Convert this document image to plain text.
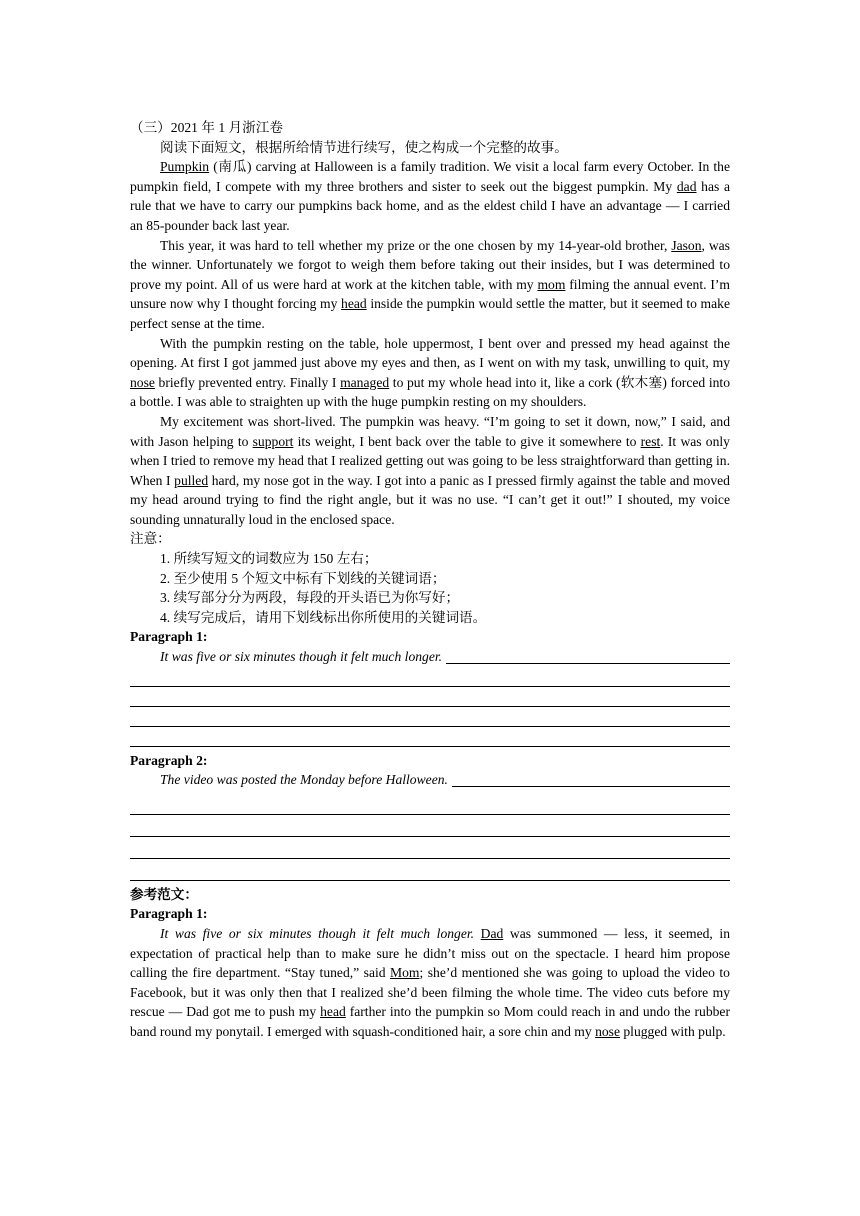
（三）2021 年 1 月浙江卷

阅读下面短文，根据所给情节进行续写，使之构成一个完整的故事。

Pumpkin (南瓜) carving at Halloween is a family tradition. We visit a local farm every October. In the pumpkin field, I compete with my three brothers and sister to seek out the biggest pumpkin. My dad has a rule that we have to carry our pumpkins back home, and as the eldest child I have an advantage — I carried an 85-pounder back last year.

This year, it was hard to tell whether my prize or the one chosen by my 14-year-old brother, Jason, was the winner. Unfortunately we forgot to weigh them before taking out their insides, but I was determined to prove my point. All of us were hard at work at the kitchen table, with my mom filming the annual event. I’m unsure now why I thought forcing my head inside the pumpkin would settle the matter, but it seemed to make perfect sense at the time.

With the pumpkin resting on the table, hole uppermost, I bent over and pressed my head against the opening. At first I got jammed just above my eyes and then, as I went on with my task, unwilling to quit, my nose briefly prevented entry. Finally I managed to put my whole head into it, like a cork (软木塞) forced into a bottle. I was able to straighten up with the huge pumpkin resting on my shoulders.

My excitement was short-lived. The pumpkin was heavy. “I’m going to set it down, now,” I said, and with Jason helping to support its weight, I bent back over the table to give it somewhere to rest. It was only when I tried to remove my head that I realized getting out was going to be less straightforward than getting in. When I pulled hard, my nose got in the way. I got into a panic as I pressed firmly against the table and moved my head around trying to find the right angle, but it was no use. “I can’t get it out!” I shouted, my voice sounding unnaturally loud in the enclosed space.

注意：

1. 所续写短文的词数应为 150 左右；
2. 至少使用 5 个短文中标有下划线的关键词语；
3. 续写部分分为两段，每段的开头语已为你写好；
4. 续写完成后，请用下划线标出你所使用的关键词语。

Paragraph 1:

It was five or six minutes though it felt much longer.

Paragraph 2:

The video was posted the Monday before Halloween.

参考范文：

Paragraph 1:

It was five or six minutes though it felt much longer. Dad was summoned — less, it seemed, in expectation of practical help than to make sure he didn’t miss out on the spectacle. I heard him propose calling the fire department. “Stay tuned,” said Mom; she’d mentioned she was going to upload the video to Facebook, but it was only then that I realized she’d been filming the whole time. The video cuts before my rescue — Dad got me to push my head farther into the pumpkin so Mom could reach in and undo the rubber band round my ponytail. I emerged with squash-conditioned hair, a sore chin and my nose plugged with pulp.
